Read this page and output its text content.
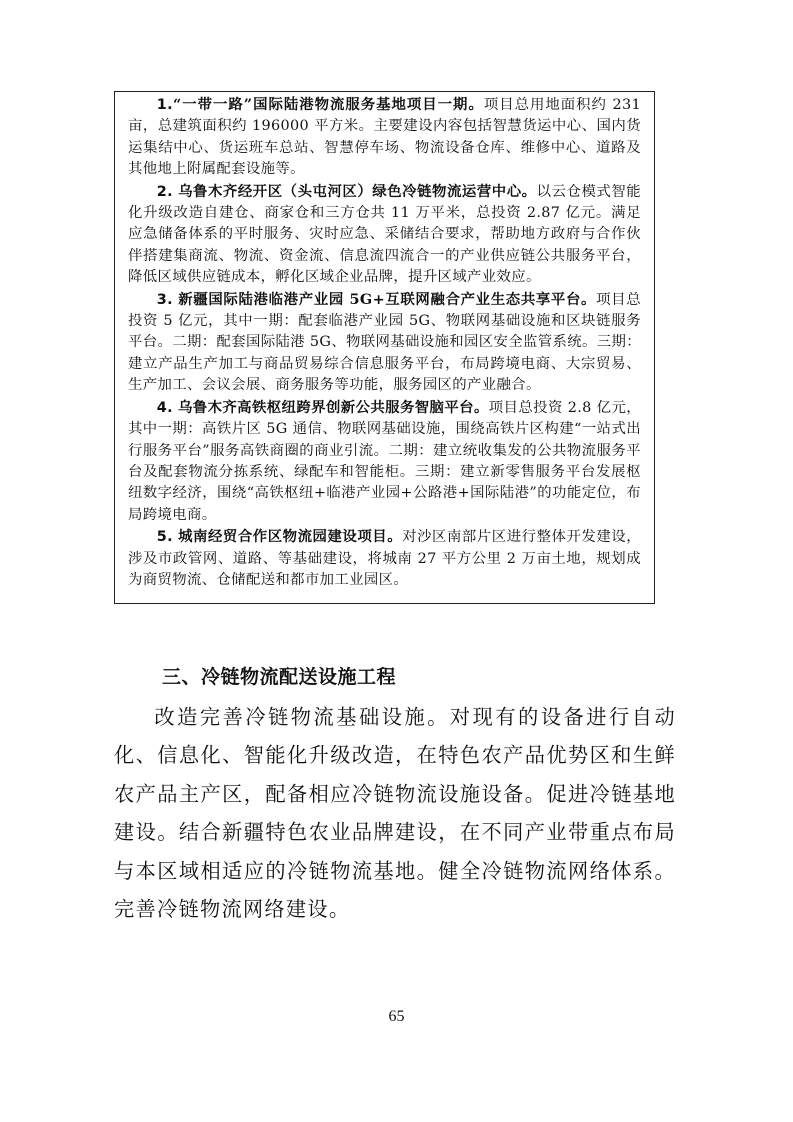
1.“一带一路”国际陆港物流服务基地项目一期。项目总用地面积约 231 亩，总建筑面积约 196000 平方米。主要建设内容包括智慧货运中心、国内货运集结中心、货运班车总站、智慧停车场、物流设备仓库、维修中心、道路及其他地上附属配套设施等。

2. 乌鲁木齐经开区（头屯河区）绿色冷链物流运营中心。以云仓模式智能化升级改造自建仓、商家仓和三方仓共 11 万平米，总投资 2.87 亿元。满足应急储备体系的平时服务、灾时应急、采储结合要求，帮助地方政府与合作伙伴搭建集商流、物流、资金流、信息流四流合一的产业供应链公共服务平台，降低区域供应链成本，孵化区域企业品牌，提升区域产业效应。

3. 新疆国际陆港临港产业园 5G+互联网融合产业生态共享平台。项目总投资 5 亿元，其中一期：配套临港产业园 5G、物联网基础设施和区块链服务平台。二期：配套国际陆港 5G、物联网基础设施和园区安全监管系统。三期：建立产品生产加工与商品贸易综合信息服务平台，布局跨境电商、大宗贸易、生产加工、会议会展、商务服务等功能，服务园区的产业融合。

4. 乌鲁木齐高铁枢纽跨界创新公共服务智脑平台。项目总投资 2.8 亿元，其中一期：高铁片区 5G 通信、物联网基础设施，围绕高铁片区构建“一站式出行服务平台”服务高铁商圈的商业引流。二期：建立统收集发的公共物流服务平台及配套物流分拣系统、绿配车和智能柜。三期：建立新零售服务平台发展枢纽数字经济，围绕“高铁枢纽+临港产业园+公路港+国际陆港”的功能定位，布局跨境电商。

5. 城南经贸合作区物流园建设项目。对沙区南部片区进行整体开发建设，涉及市政管网、道路、等基础建设，将城南 27 平方公里 2 万亩土地，规划成为商贸物流、仓储配送和都市加工业园区。

三、冷链物流配送设施工程

改造完善冷链物流基础设施。对现有的设备进行自动化、信息化、智能化升级改造，在特色农产品优势区和生鲜农产品主产区，配备相应冷链物流设施设备。促进冷链基地建设。结合新疆特色农业品牌建设，在不同产业带重点布局与本区域相适应的冷链物流基地。健全冷链物流网络体系。完善冷链物流网络建设。

65
